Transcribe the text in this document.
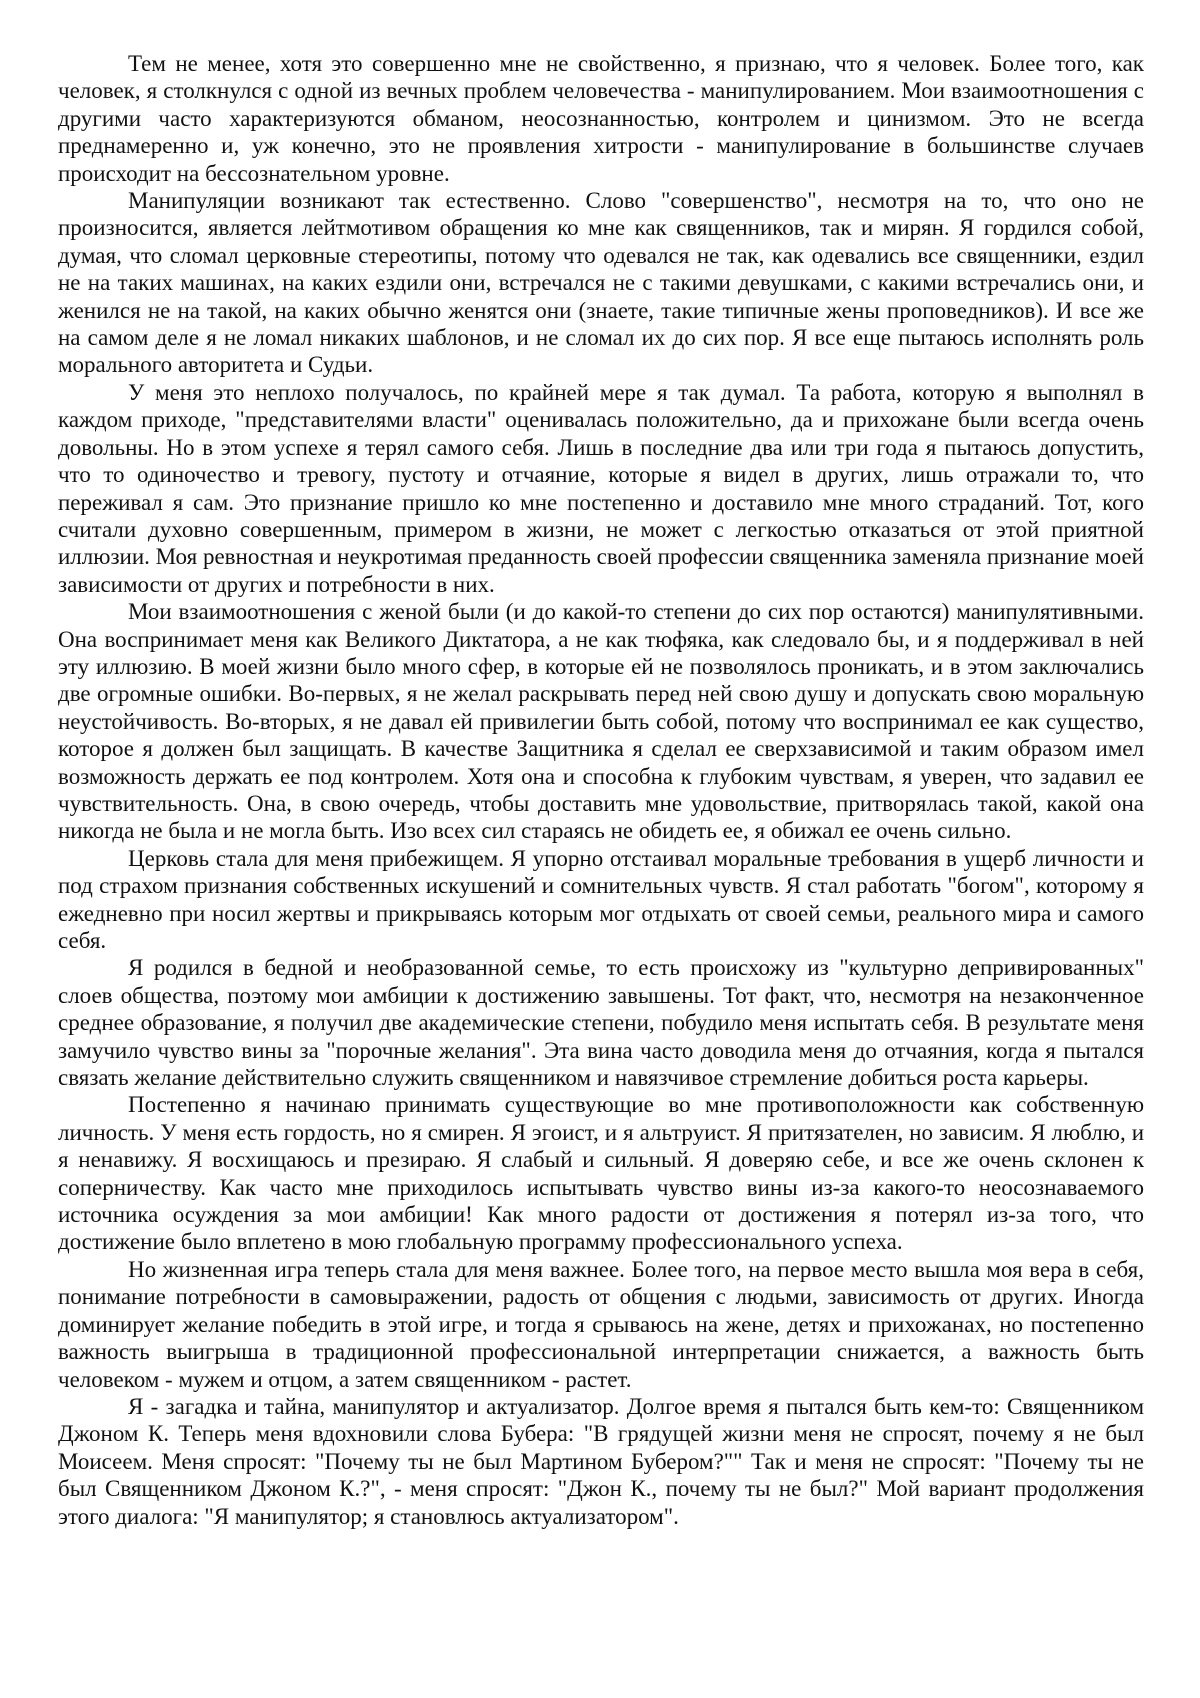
Тем не менее, хотя это совершенно мне не свойственно, я признаю, что я человек. Более того, как человек, я столкнулся с одной из вечных проблем человечества - манипулированием. Мои взаимоотношения с другими часто характеризуются обманом, неосознанностью, контролем и цинизмом. Это не всегда преднамеренно и, уж конечно, это не проявления хитрости - манипулирование в большинстве случаев происходит на бессознательном уровне.

Манипуляции возникают так естественно. Слово "совершенство", несмотря на то, что оно не произносится, является лейтмотивом обращения ко мне как священников, так и мирян. Я гордился собой, думая, что сломал церковные стереотипы, потому что одевался не так, как одевались все священники, ездил не на таких машинах, на каких ездили они, встречался не с такими девушками, с какими встречались они, и женился не на такой, на каких обычно женятся они (знаете, такие типичные жены проповедников). И все же на самом деле я не ломал никаких шаблонов, и не сломал их до сих пор. Я все еще пытаюсь исполнять роль морального авторитета и Судьи.

У меня это неплохо получалось, по крайней мере я так думал. Та работа, которую я выполнял в каждом приходе, "представителями власти" оценивалась положительно, да и прихожане были всегда очень довольны. Но в этом успехе я терял самого себя. Лишь в последние два или три года я пытаюсь допустить, что то одиночество и тревогу, пустоту и отчаяние, которые я видел в других, лишь отражали то, что переживал я сам. Это признание пришло ко мне постепенно и доставило мне много страданий. Тот, кого считали духовно совершенным, примером в жизни, не может с легкостью отказаться от этой приятной иллюзии. Моя ревностная и неукротимая преданность своей профессии священника заменяла признание моей зависимости от других и потребности в них.

Мои взаимоотношения с женой были (и до какой-то степени до сих пор остаются) манипулятивными. Она воспринимает меня как Великого Диктатора, а не как тюфяка, как следовало бы, и я поддерживал в ней эту иллюзию. В моей жизни было много сфер, в которые ей не позволялось проникать, и в этом заключались две огромные ошибки. Во-первых, я не желал раскрывать перед ней свою душу и допускать свою моральную неустойчивость. Во-вторых, я не давал ей привилегии быть собой, потому что воспринимал ее как существо, которое я должен был защищать. В качестве Защитника я сделал ее сверхзависимой и таким образом имел возможность держать ее под контролем. Хотя она и способна к глубоким чувствам, я уверен, что задавил ее чувствительность. Она, в свою очередь, чтобы доставить мне удовольствие, притворялась такой, какой она никогда не была и не могла быть. Изо всех сил стараясь не обидеть ее, я обижал ее очень сильно.

Церковь стала для меня прибежищем. Я упорно отстаивал моральные требования в ущерб личности и под страхом признания собственных искушений и сомнительных чувств. Я стал работать "богом", которому я ежедневно при носил жертвы и прикрываясь которым мог отдыхать от своей семьи, реального мира и самого себя.

Я родился в бедной и необразованной семье, то есть происхожу из "культурно депривированных" слоев общества, поэтому мои амбиции к достижению завышены. Тот факт, что, несмотря на незаконченное среднее образование, я получил две академические степени, побудило меня испытать себя. В результате меня замучило чувство вины за "порочные желания". Эта вина часто доводила меня до отчаяния, когда я пытался связать желание действительно служить священником и навязчивое стремление добиться роста карьеры.

Постепенно я начинаю принимать существующие во мне противоположности как собственную личность. У меня есть гордость, но я смирен. Я эгоист, и я альтруист. Я притязателен, но зависим. Я люблю, и я ненавижу. Я восхищаюсь и презираю. Я слабый и сильный. Я доверяю себе, и все же очень склонен к соперничеству. Как часто мне приходилось испытывать чувство вины из-за какого-то неосознаваемого источника осуждения за мои амбиции! Как много радости от достижения я потерял из-за того, что достижение было вплетено в мою глобальную программу профессионального успеха.

Но жизненная игра теперь стала для меня важнее. Более того, на первое место вышла моя вера в себя, понимание потребности в самовыражении, радость от общения с людьми, зависимость от других. Иногда доминирует желание победить в этой игре, и тогда я срываюсь на жене, детях и прихожанах, но постепенно важность выигрыша в традиционной профессиональной интерпретации снижается, а важность быть человеком - мужем и отцом, а затем священником - растет.

Я - загадка и тайна, манипулятор и актуализатор. Долгое время я пытался быть кем-то: Священником Джоном К. Теперь меня вдохновили слова Бубера: "В грядущей жизни меня не спросят, почему я не был Моисеем. Меня спросят: "Почему ты не был Мартином Бубером?"" Так и меня не спросят: "Почему ты не был Священником Джоном К.?", - меня спросят: "Джон К., почему ты не был?" Мой вариант продолжения этого диалога: "Я манипулятор; я становлюсь актуализатором".
